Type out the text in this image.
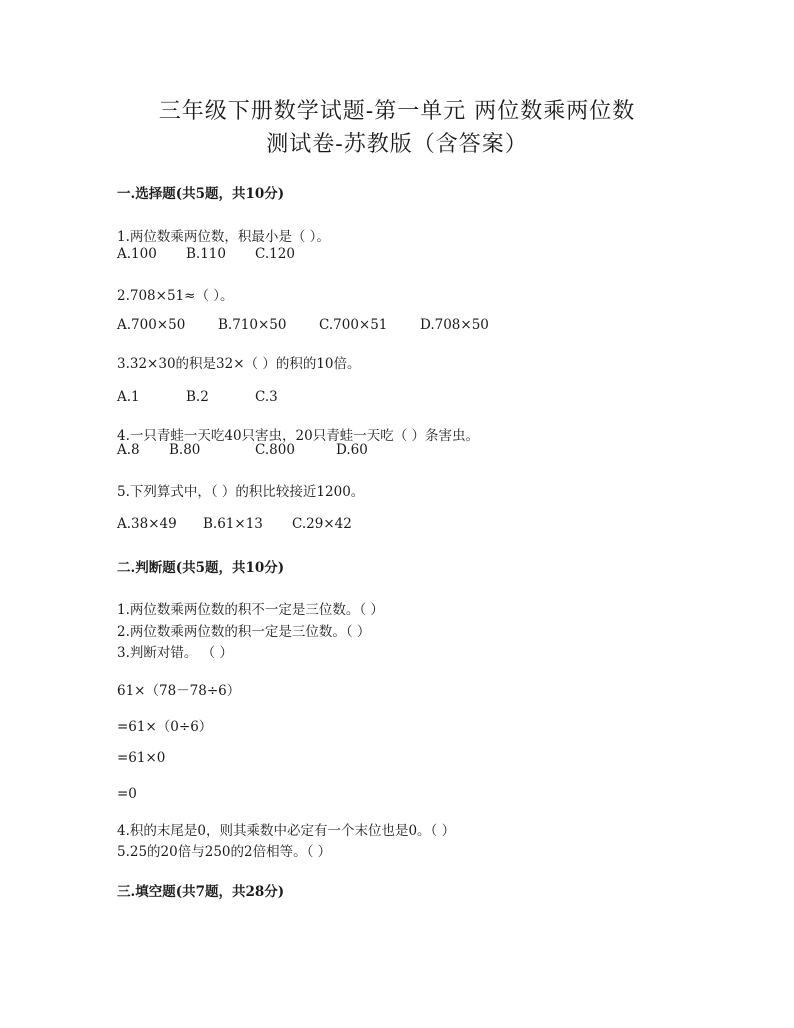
三年级下册数学试题-第一单元 两位数乘两位数
测试卷-苏教版（含答案）
一.选择题(共5题，共10分)
1.两位数乘两位数，积最小是（ ）。
A.100 B.110 C.120
2.708×51≈（ ）。
A.700×50 B.710×50 C.700×51 D.708×50
3.32×30的积是32×（ ）的积的10倍。
A.1	B.2	C.3
4.一只青蛙一天吃40只害虫，20只青蛙一天吃（ ）条害虫。
A.8 B.80	C.800	D.60
5.下列算式中，（ ）的积比较接近1200。
A.38×49 B.61×13 C.29×42
二.判断题(共5题，共10分)
1.两位数乘两位数的积不一定是三位数。（ ）
2.两位数乘两位数的积一定是三位数。（ ）
3.判断对错。 （ ）
61×（78－78÷6）
=61×（0÷6）
=61×0
=0
4.积的末尾是0，则其乘数中必定有一个末位也是0。（ ）
5.25的20倍与250的2倍相等。（ ）
三.填空题(共7题，共28分)
